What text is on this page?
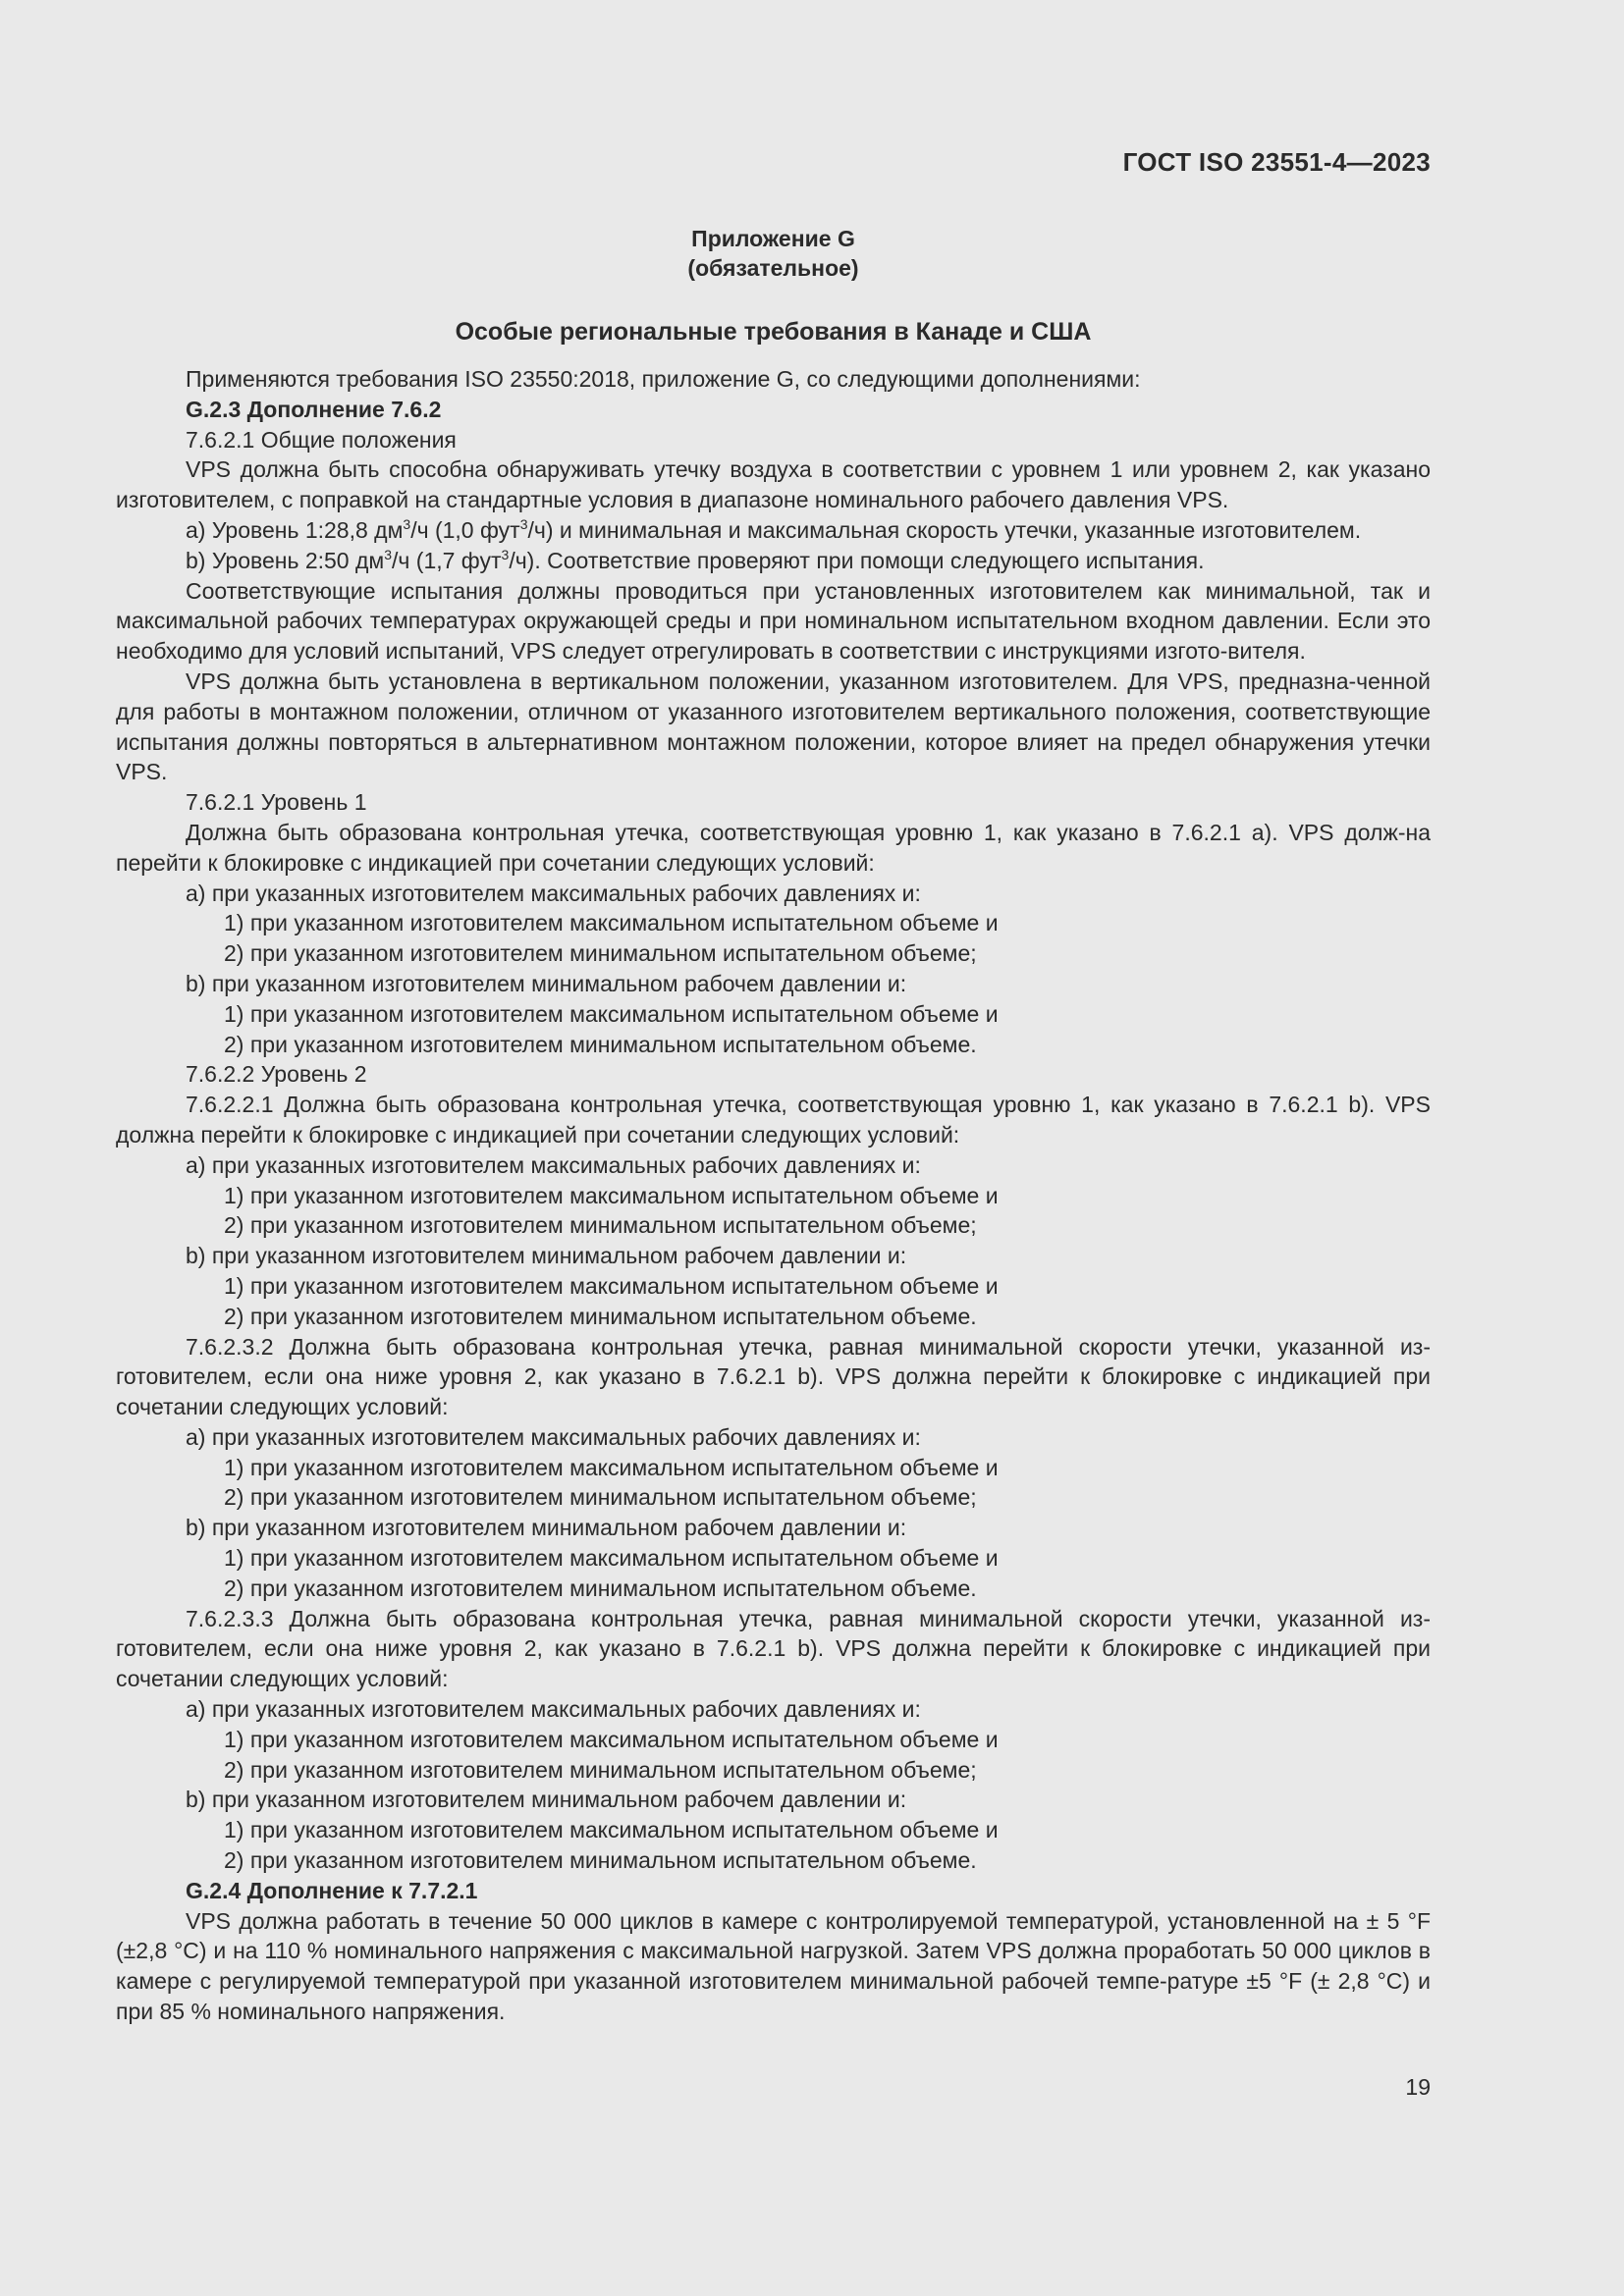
ГОСТ ISO 23551-4—2023
Приложение G
(обязательное)
Особые региональные требования в Канаде и США

Применяются требования ISO 23550:2018, приложение G, со следующими дополнениями:

G.2.3 Дополнение 7.6.2

7.6.2.1 Общие положения

VPS должна быть способна обнаруживать утечку воздуха в соответствии с уровнем 1 или уровнем 2, как указано изготовителем, с поправкой на стандартные условия в диапазоне номинального рабочего давления VPS.

a) Уровень 1:28,8 $дм^3/ч$ (1,0 фут$^3$/ч) и минимальная и максимальная скорость утечки, указанные изготовителем.

b) Уровень 2:50 $дм^3/ч$ (1,7 фут$^3$/ч). Соответствие проверяют при помощи следующего испытания.

Соответствующие испытания должны проводиться при установленных изготовителем как минимальной, так и максимальной рабочих температурах окружающей среды и при номинальном испытательном входном давлении. Если это необходимо для условий испытаний, VPS следует отрегулировать в соответствии с инструкциями изгото-вителя.

VPS должна быть установлена в вертикальном положении, указанном изготовителем. Для VPS, предназна-ченной для работы в монтажном положении, отличном от указанного изготовителем вертикального положения, соответствующие испытания должны повторяться в альтернативном монтажном положении, которое влияет на предел обнаружения утечки VPS.

7.6.2.1 Уровень 1

Должна быть образована контрольная утечка, соответствующая уровню 1, как указано в 7.6.2.1 а). VPS долж-на перейти к блокировке с индикацией при сочетании следующих условий:

a) при указанных изготовителем максимальных рабочих давлениях и:

1) при указанном изготовителем максимальном испытательном объеме и

2) при указанном изготовителем минимальном испытательном объеме;

b) при указанном изготовителем минимальном рабочем давлении и:

1) при указанном изготовителем максимальном испытательном объеме и

2) при указанном изготовителем минимальном испытательном объеме.

7.6.2.2 Уровень 2

7.6.2.2.1 Должна быть образована контрольная утечка, соответствующая уровню 1, как указано в 7.6.2.1 b). VPS должна перейти к блокировке с индикацией при сочетании следующих условий:

a) при указанных изготовителем максимальных рабочих давлениях и:

1) при указанном изготовителем максимальном испытательном объеме и

2) при указанном изготовителем минимальном испытательном объеме;

b) при указанном изготовителем минимальном рабочем давлении и:

1) при указанном изготовителем максимальном испытательном объеме и

2) при указанном изготовителем минимальном испытательном объеме.

7.6.2.3.2 Должна быть образована контрольная утечка, равная минимальной скорости утечки, указанной из-готовителем, если она ниже уровня 2, как указано в 7.6.2.1 b). VPS должна перейти к блокировке с индикацией при сочетании следующих условий:

a) при указанных изготовителем максимальных рабочих давлениях и:

1) при указанном изготовителем максимальном испытательном объеме и

2) при указанном изготовителем минимальном испытательном объеме;

b) при указанном изготовителем минимальном рабочем давлении и:

1) при указанном изготовителем максимальном испытательном объеме и

2) при указанном изготовителем минимальном испытательном объеме.

7.6.2.3.3 Должна быть образована контрольная утечка, равная минимальной скорости утечки, указанной из-готовителем, если она ниже уровня 2, как указано в 7.6.2.1 b). VPS должна перейти к блокировке с индикацией при сочетании следующих условий:

a) при указанных изготовителем максимальных рабочих давлениях и:

1) при указанном изготовителем максимальном испытательном объеме и

2) при указанном изготовителем минимальном испытательном объеме;

b) при указанном изготовителем минимальном рабочем давлении и:

1) при указанном изготовителем максимальном испытательном объеме и

2) при указанном изготовителем минимальном испытательном объеме.

G.2.4 Дополнение к 7.7.2.1

VPS должна работать в течение 50 000 циклов в камере с контролируемой температурой, установленной на ± 5 °F (±2,8 °C) и на 110 % номинального напряжения с максимальной нагрузкой. Затем VPS должна проработать 50 000 циклов в камере с регулируемой температурой при указанной изготовителем минимальной рабочей темпе-ратуре ±5 °F (± 2,8 °C) и при 85 % номинального напряжения.

19
